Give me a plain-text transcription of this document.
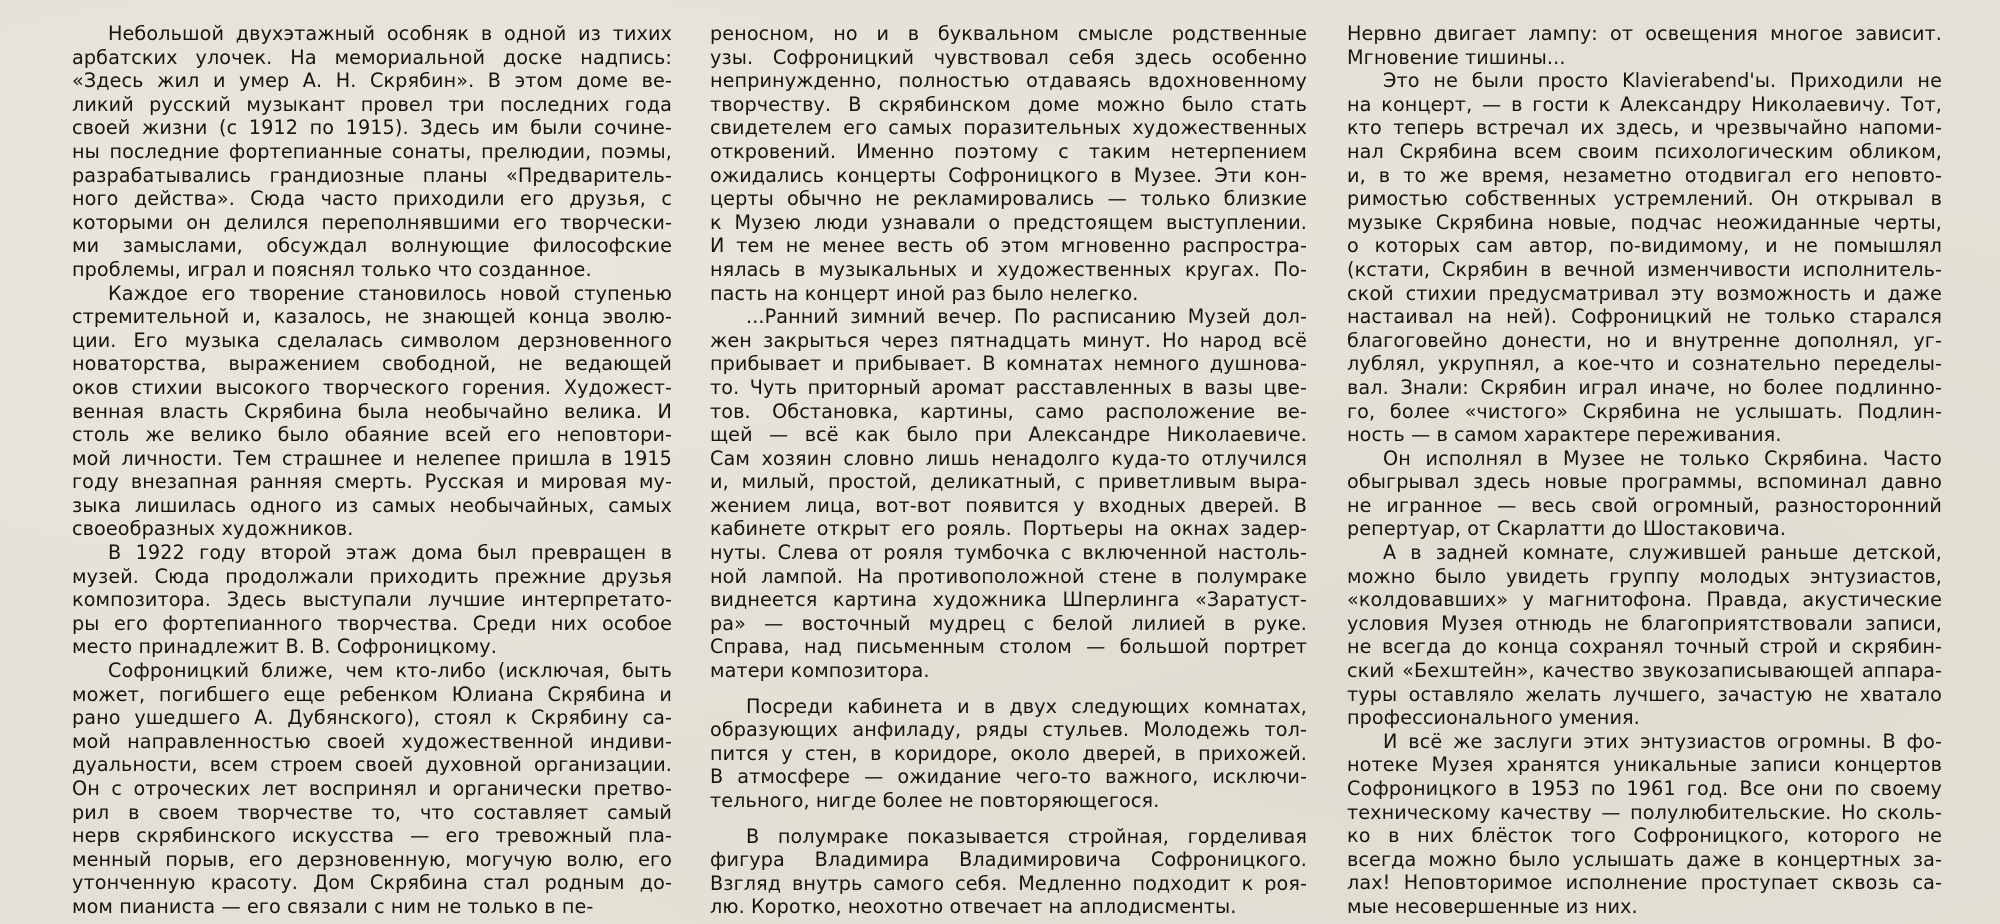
Небольшой двухэтажный особняк в одной из тихих
арбатских улочек. На мемориальной доске надпись:
«Здесь жил и умер А. Н. Скрябин». В этом доме ве-
ликий русский музыкант провел три последних года
своей жизни (с 1912 по 1915). Здесь им были сочине-
ны последние фортепианные сонаты, прелюдии, поэмы,
разрабатывались грандиозные планы «Предваритель-
ного действа». Сюда часто приходили его друзья, с
которыми он делился переполнявшими его творчески-
ми замыслами, обсуждал волнующие философские
проблемы, играл и пояснял только что созданное.
Каждое его творение становилось новой ступенью
стремительной и, казалось, не знающей конца эволю-
ции. Его музыка сделалась символом дерзновенного
новаторства, выражением свободной, не ведающей
оков стихии высокого творческого горения. Художест-
венная власть Скрябина была необычайно велика. И
столь же велико было обаяние всей его неповтори-
мой личности. Тем страшнее и нелепее пришла в 1915
году внезапная ранняя смерть. Русская и мировая му-
зыка лишилась одного из самых необычайных, самых
своеобразных художников.
В 1922 году второй этаж дома был превращен в
музей. Сюда продолжали приходить прежние друзья
композитора. Здесь выступали лучшие интерпретато-
ры его фортепианного творчества. Среди них особое
место принадлежит В. В. Софроницкому.
Софроницкий ближе, чем кто-либо (исключая, быть
может, погибшего еще ребенком Юлиана Скрябина и
рано ушедшего А. Дубянского), стоял к Скрябину са-
мой направленностью своей художественной индиви-
дуальности, всем строем своей духовной организации.
Он с отроческих лет воспринял и органически претво-
рил в своем творчестве то, что составляет самый
нерв скрябинского искусства — его тревожный пла-
менный порыв, его дерзновенную, могучую волю, его
утонченную красоту. Дом Скрябина стал родным до-
мом пианиста — его связали с ним не только в пе-
реносном, но и в буквальном смысле родственные
узы. Софроницкий чувствовал себя здесь особенно
непринужденно, полностью отдаваясь вдохновенному
творчеству. В скрябинском доме можно было стать
свидетелем его самых поразительных художественных
откровений. Именно поэтому с таким нетерпением
ожидались концерты Софроницкого в Музее. Эти кон-
церты обычно не рекламировались — только близкие
к Музею люди узнавали о предстоящем выступлении.
И тем не менее весть об этом мгновенно распростра-
нялась в музыкальных и художественных кругах. По-
пасть на концерт иной раз было нелегко.
...Ранний зимний вечер. По расписанию Музей дол-
жен закрыться через пятнадцать минут. Но народ всё
прибывает и прибывает. В комнатах немного душнова-
то. Чуть приторный аромат расставленных в вазы цве-
тов. Обстановка, картины, само расположение ве-
щей — всё как было при Александре Николаевиче.
Сам хозяин словно лишь ненадолго куда-то отлучился
и, милый, простой, деликатный, с приветливым выра-
жением лица, вот-вот появится у входных дверей. В
кабинете открыт его рояль. Портьеры на окнах задер-
нуты. Слева от рояля тумбочка с включенной настоль-
ной лампой. На противоположной стене в полумраке
виднеется картина художника Шперлинга «Заратуст-
ра» — восточный мудрец с белой лилией в руке.
Справа, над письменным столом — большой портрет
матери композитора.
Посреди кабинета и в двух следующих комнатах,
образующих анфиладу, ряды стульев. Молодежь тол-
пится у стен, в коридоре, около дверей, в прихожей.
В атмосфере — ожидание чего-то важного, исключи-
тельного, нигде более не повторяющегося.
В полумраке показывается стройная, горделивая
фигура Владимира Владимировича Софроницкого.
Взгляд внутрь самого себя. Медленно подходит к роя-
лю. Коротко, неохотно отвечает на аплодисменты.
Нервно двигает лампу: от освещения многое зависит.
Мгновение тишины...
Это не были просто Klavierabend'ы. Приходили не
на концерт, — в гости к Александру Николаевичу. Тот,
кто теперь встречал их здесь, и чрезвычайно напоми-
нал Скрябина всем своим психологическим обликом,
и, в то же время, незаметно отодвигал его неповто-
римостью собственных устремлений. Он открывал в
музыке Скрябина новые, подчас неожиданные черты,
о которых сам автор, по-видимому, и не помышлял
(кстати, Скрябин в вечной изменчивости исполнитель-
ской стихии предусматривал эту возможность и даже
настаивал на ней). Софроницкий не только старался
благоговейно донести, но и внутренне дополнял, уг-
лублял, укрупнял, а кое-что и сознательно переделы-
вал. Знали: Скрябин играл иначе, но более подлинно-
го, более «чистого» Скрябина не услышать. Подлин-
ность — в самом характере переживания.
Он исполнял в Музее не только Скрябина. Часто
обыгрывал здесь новые программы, вспоминал давно
не игранное — весь свой огромный, разносторонний
репертуар, от Скарлатти до Шостаковича.
А в задней комнате, служившей раньше детской,
можно было увидеть группу молодых энтузиастов,
«колдовавших» у магнитофона. Правда, акустические
условия Музея отнюдь не благоприятствовали записи,
не всегда до конца сохранял точный строй и скрябин-
ский «Бехштейн», качество звукозаписывающей аппара-
туры оставляло желать лучшего, зачастую не хватало
профессионального умения.
И всё же заслуги этих энтузиастов огромны. В фо-
нотеке Музея хранятся уникальные записи концертов
Софроницкого в 1953 по 1961 год. Все они по своему
техническому качеству — полулюбительские. Но сколь-
ко в них блёсток того Софроницкого, которого не
всегда можно было услышать даже в концертных за-
лах! Неповторимое исполнение проступает сквозь са-
мые несовершенные из них.
